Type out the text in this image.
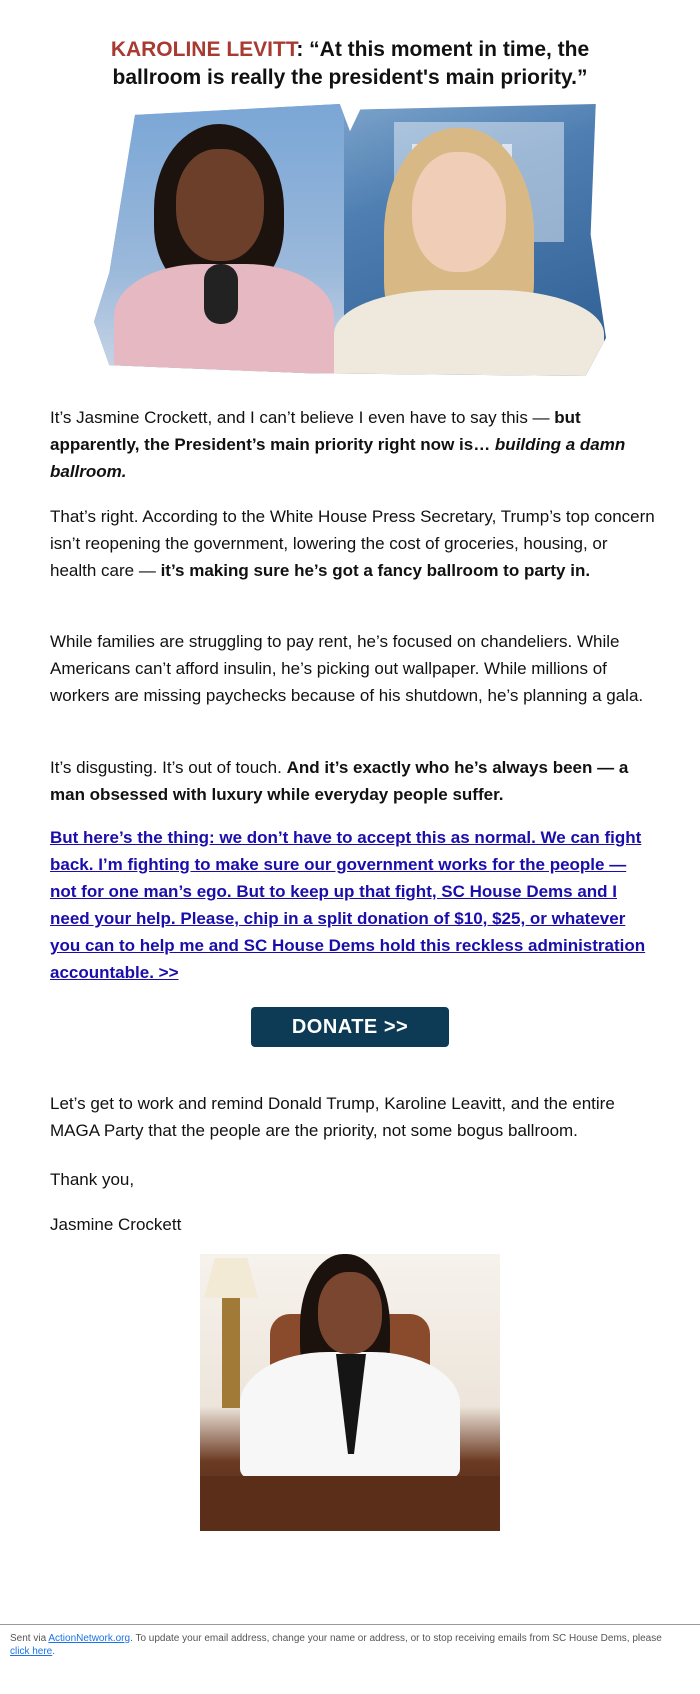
KAROLINE LEVITT: “At this moment in time, the
ballroom is really the president's main priority.”

It’s Jasmine Crockett, and I can’t believe I even have to say this — but apparently, the President’s main priority right now is… building a damn ballroom.

That’s right. According to the White House Press Secretary, Trump’s top concern isn’t reopening the government, lowering the cost of groceries, housing, or health care — it’s making sure he’s got a fancy ballroom to party in.

While families are struggling to pay rent, he’s focused on chandeliers. While Americans can’t afford insulin, he’s picking out wallpaper. While millions of workers are missing paychecks because of his shutdown, he’s planning a gala.

It’s disgusting. It’s out of touch. And it’s exactly who he’s always been — a man obsessed with luxury while everyday people suffer.

But here’s the thing: we don’t have to accept this as normal. We can fight back. I’m fighting to make sure our government works for the people — not for one man’s ego. But to keep up that fight, SC House Dems and I need your help. Please, chip in a split donation of $10, $25, or whatever you can to help me and SC House Dems hold this reckless administration accountable. >>
DONATE >>

Let’s get to work and remind Donald Trump, Karoline Leavitt, and the entire MAGA Party that the people are the priority, not some bogus ballroom.

Thank you,
Jasmine Crockett
Sent via ActionNetwork.org. To update your email address, change your name or address, or to stop receiving emails from SC House Dems, please click here.
